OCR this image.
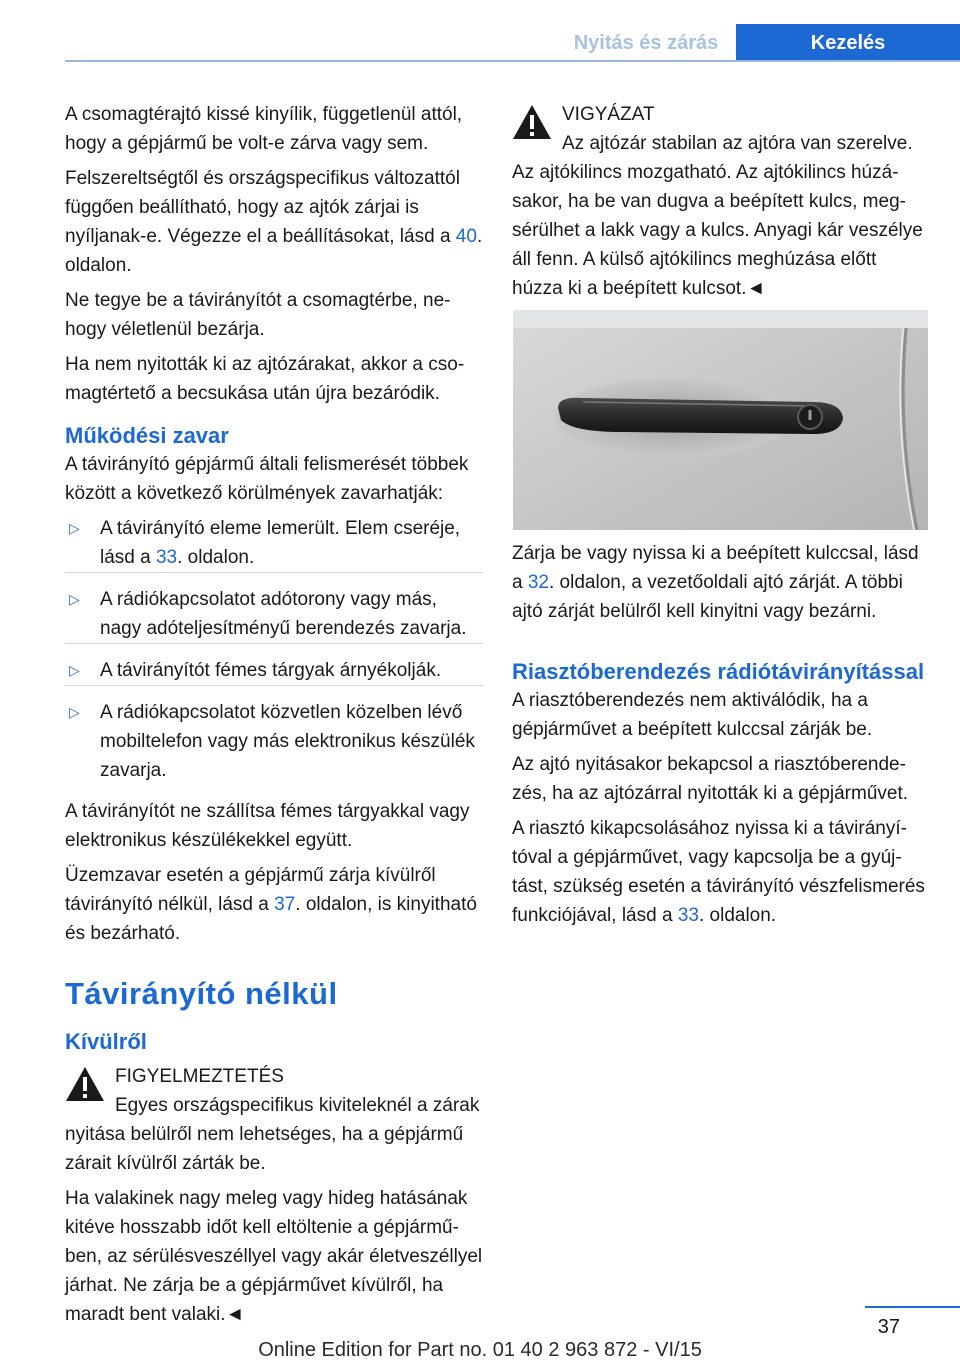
Nyitás és zárás	Kezelés

A csomagtérajtó kissé kinyílik, függetlenül attól, hogy a gépjármű be volt-e zárva vagy sem.

Felszereltségtől és országspecifikus változattól függően beállítható, hogy az ajtók zárjai is nyíljanak-e. Végezze el a beállításokat, lásd a 40. oldalon.

Ne tegye be a távirányítót a csomagtérbe, nehogy véletlenül bezárja.

Ha nem nyitották ki az ajtózárakat, akkor a csomagtértető a becsukása után újra bezáródik.

Működési zavar

A távirányító gépjármű általi felismerését többek között a következő körülmények zavarhatják:

▷ A távirányító eleme lemerült. Elem cseréje, lásd a 33. oldalon.
▷ A rádiókapcsolatot adótorony vagy más, nagy adóteljesítményű berendezés zavarja.
▷ A távirányítót fémes tárgyak árnyékolják.
▷ A rádiókapcsolatot közvetlen közelben lévő mobiltelefon vagy más elektronikus készülék zavarja.

A távirányítót ne szállítsa fémes tárgyakkal vagy elektronikus készülékekkel együtt.

Üzemzavar esetén a gépjármű zárja kívülről távirányító nélkül, lásd a 37. oldalon, is kinyitható és bezárható.

Távirányító nélkül
Kívülről

FIGYELMEZTETÉS

Egyes országspecifikus kiviteleknél a zárak nyitása belülről nem lehetséges, ha a gépjármű zárait kívülről zárták be.

Ha valakinek nagy meleg vagy hideg hatásának kitéve hosszabb időt kell eltöltenie a gépjárműben, az sérülésveszéllyel vagy akár életveszéllyel járhat. Ne zárja be a gépjárművet kívülről, ha maradt bent valaki.◄

VIGYÁZAT

Az ajtózár stabilan az ajtóra van szerelve. Az ajtókilincs mozgatható. Az ajtókilincs húzásakor, ha be van dugva a beépített kulcs, megsérülhet a lakk vagy a kulcs. Anyagi kár veszélye áll fenn. A külső ajtókilincs meghúzása előtt húzza ki a beépített kulcsot.◄

Zárja be vagy nyissa ki a beépített kulccsal, lásd a 32. oldalon, a vezetőoldali ajtó zárját. A többi ajtó zárját belülről kell kinyitni vagy bezárni.

Riasztóberendezés rádiótávirányítással

A riasztóberendezés nem aktiválódik, ha a gépjárművet a beépített kulccsal zárják be.

Az ajtó nyitásakor bekapcsol a riasztóberendezés, ha az ajtózárral nyitották ki a gépjárművet.

A riasztó kikapcsolásához nyissa ki a távirányítóval a gépjárművet, vagy kapcsolja be a gyújtást, szükség esetén a távirányító vészfelismerés funkciójával, lásd a 33. oldalon.

37
Online Edition for Part no. 01 40 2 963 872 - VI/15
